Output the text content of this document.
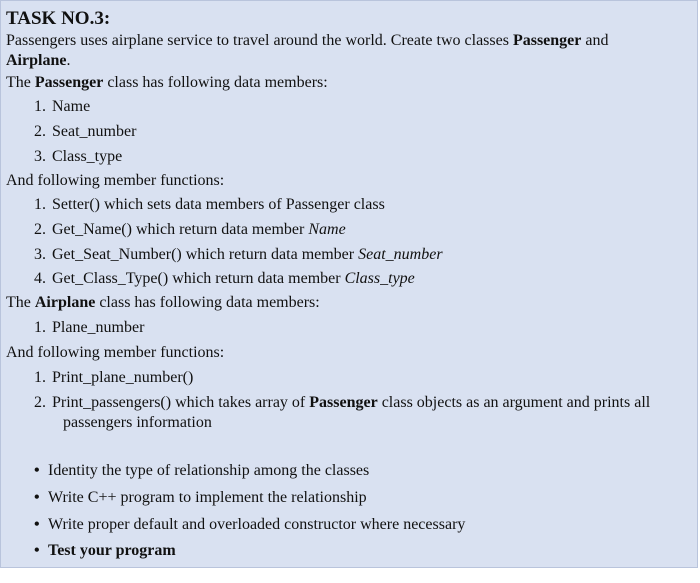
TASK NO.3:
Passengers uses airplane service to travel around the world. Create two classes Passenger and
Airplane.
The Passenger class has following data members:
1. Name
2. Seat_number
3. Class_type
And following member functions:
1. Setter() which sets data members of Passenger class
2. Get_Name() which return data member Name
3. Get_Seat_Number() which return data member Seat_number
4. Get_Class_Type() which return data member Class_type
The Airplane class has following data members:
1. Plane_number
And following member functions:
1. Print_plane_number()
2. Print_passengers() which takes array of Passenger class objects as an argument and prints all
passengers information
• Identity the type of relationship among the classes
• Write C++ program to implement the relationship
• Write proper default and overloaded constructor where necessary
• Test your program
